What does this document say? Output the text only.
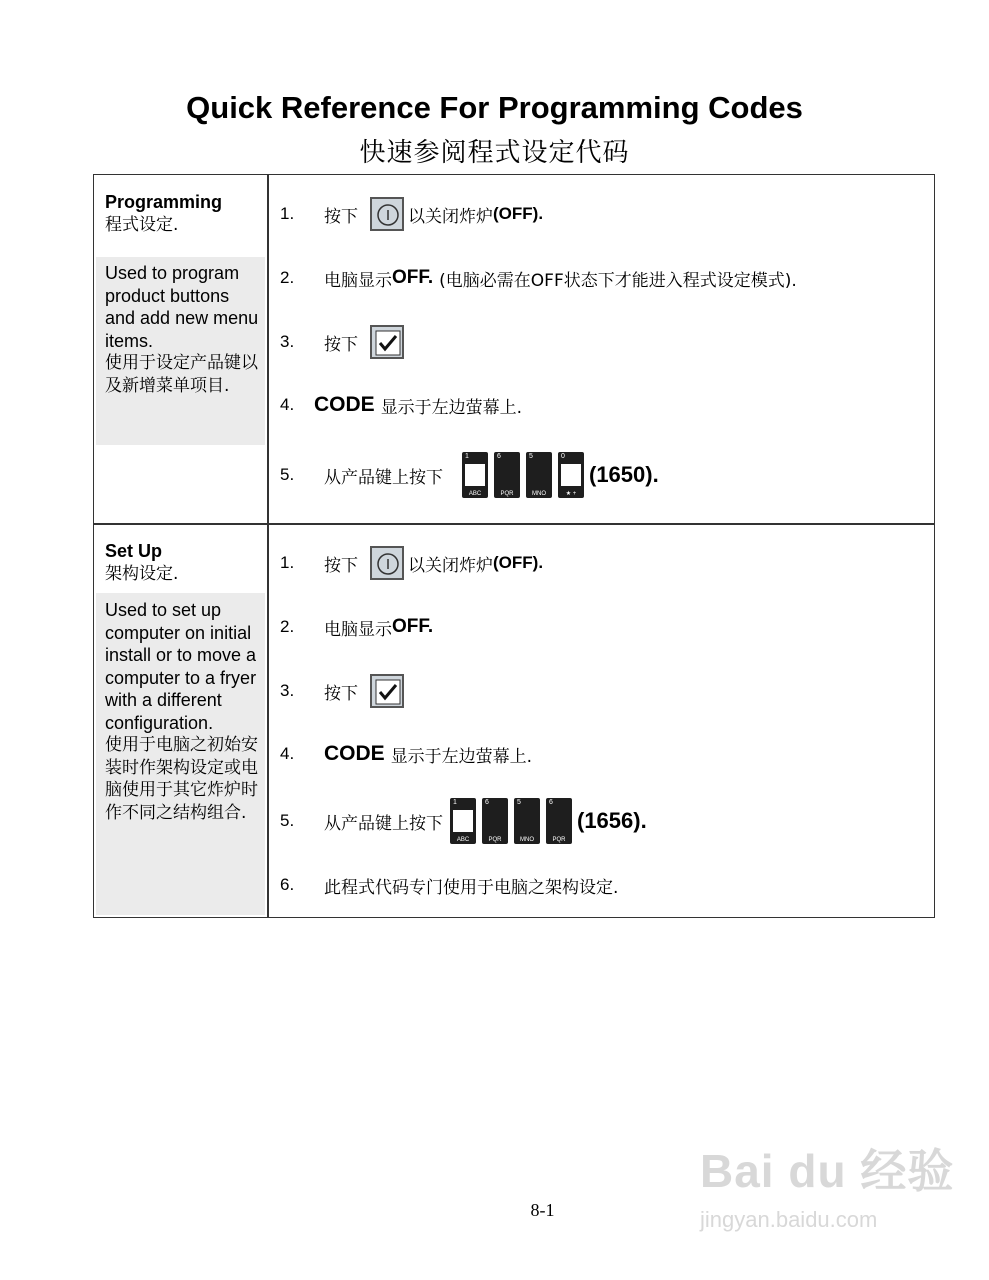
Quick Reference For Programming Codes
快速参阅程式设定代码
Programming
程式设定.
Used to program product buttons and add new menu items.
使用于设定产品键以及新增菜单项目.
1.	按下	以关闭炸炉 (OFF).
2.	电脑显示 OFF. (电脑必需在OFF状态下才能进入程式设定模式).
3.	按下
4. CODE 显示于左边萤幕上.
5.	从产品键上按下
1
ABC
6
PQR
5
MNO
0
★ +
(1650).
Set Up
架构设定.
Used to set up computer on initial install or to move a computer to a fryer with a different configuration.
使用于电脑之初始安装时作架构设定或电脑使用于其它炸炉时作不同之结构组合.
1.	按下	以关闭炸炉 (OFF).
2.	电脑显示 OFF.
3.	按下
4.	CODE 显示于左边萤幕上.
5.	从产品键上按下
1
ABC
6
PQR
5
MNO
6
PQR
(1656).
6.	此程式代码专门使用于电脑之架构设定.
Bai du 经验
jingyan.baidu.com
8-1
